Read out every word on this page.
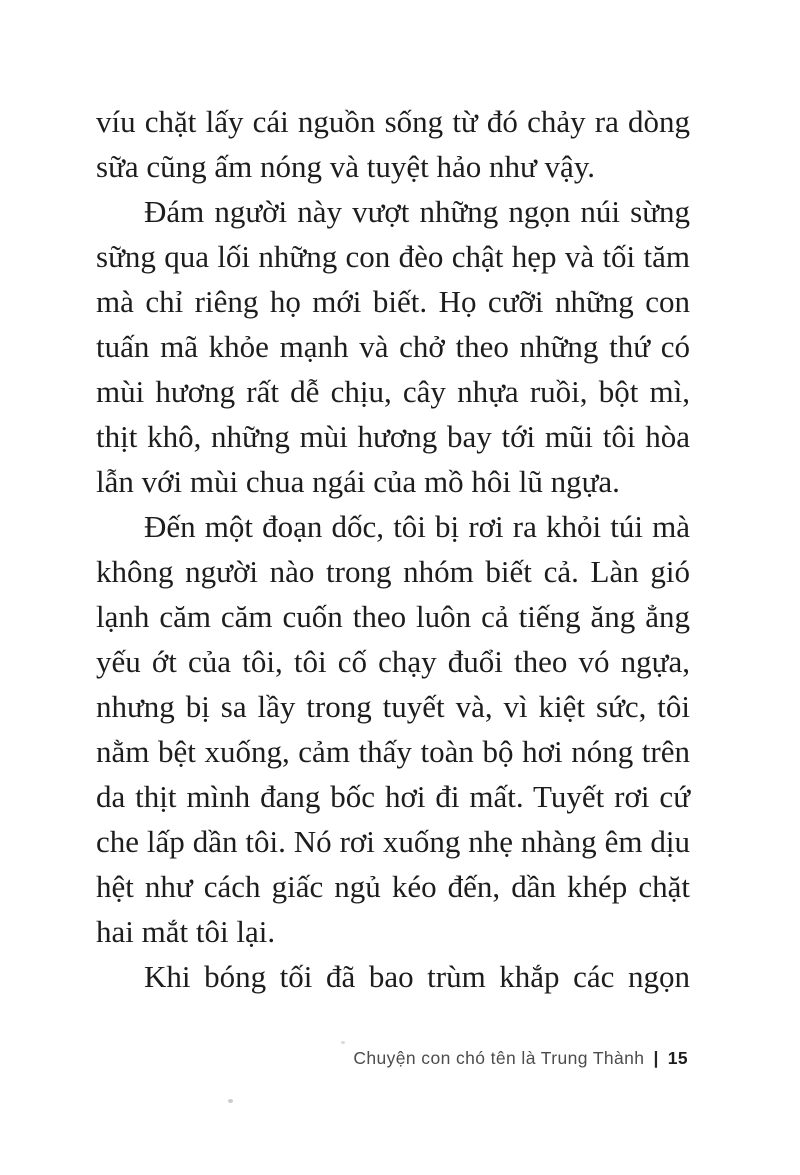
víu chặt lấy cái nguồn sống từ đó chảy ra dòng
sữa cũng ấm nóng và tuyệt hảo như vậy.
Đám người này vượt những ngọn núi sừng
sững qua lối những con đèo chật hẹp và tối tăm
mà chỉ riêng họ mới biết. Họ cưỡi những con
tuấn mã khỏe mạnh và chở theo những thứ có
mùi hương rất dễ chịu, cây nhựa ruồi, bột mì,
thịt khô, những mùi hương bay tới mũi tôi hòa
lẫn với mùi chua ngái của mồ hôi lũ ngựa.
Đến một đoạn dốc, tôi bị rơi ra khỏi túi mà
không người nào trong nhóm biết cả. Làn gió
lạnh căm căm cuốn theo luôn cả tiếng ăng ẳng
yếu ớt của tôi, tôi cố chạy đuổi theo vó ngựa,
nhưng bị sa lầy trong tuyết và, vì kiệt sức, tôi
nằm bệt xuống, cảm thấy toàn bộ hơi nóng trên
da thịt mình đang bốc hơi đi mất. Tuyết rơi cứ
che lấp dần tôi. Nó rơi xuống nhẹ nhàng êm dịu
hệt như cách giấc ngủ kéo đến, dần khép chặt
hai mắt tôi lại.
Khi bóng tối đã bao trùm khắp các ngọn
Chuyện con chó tên là Trung Thành | 15
